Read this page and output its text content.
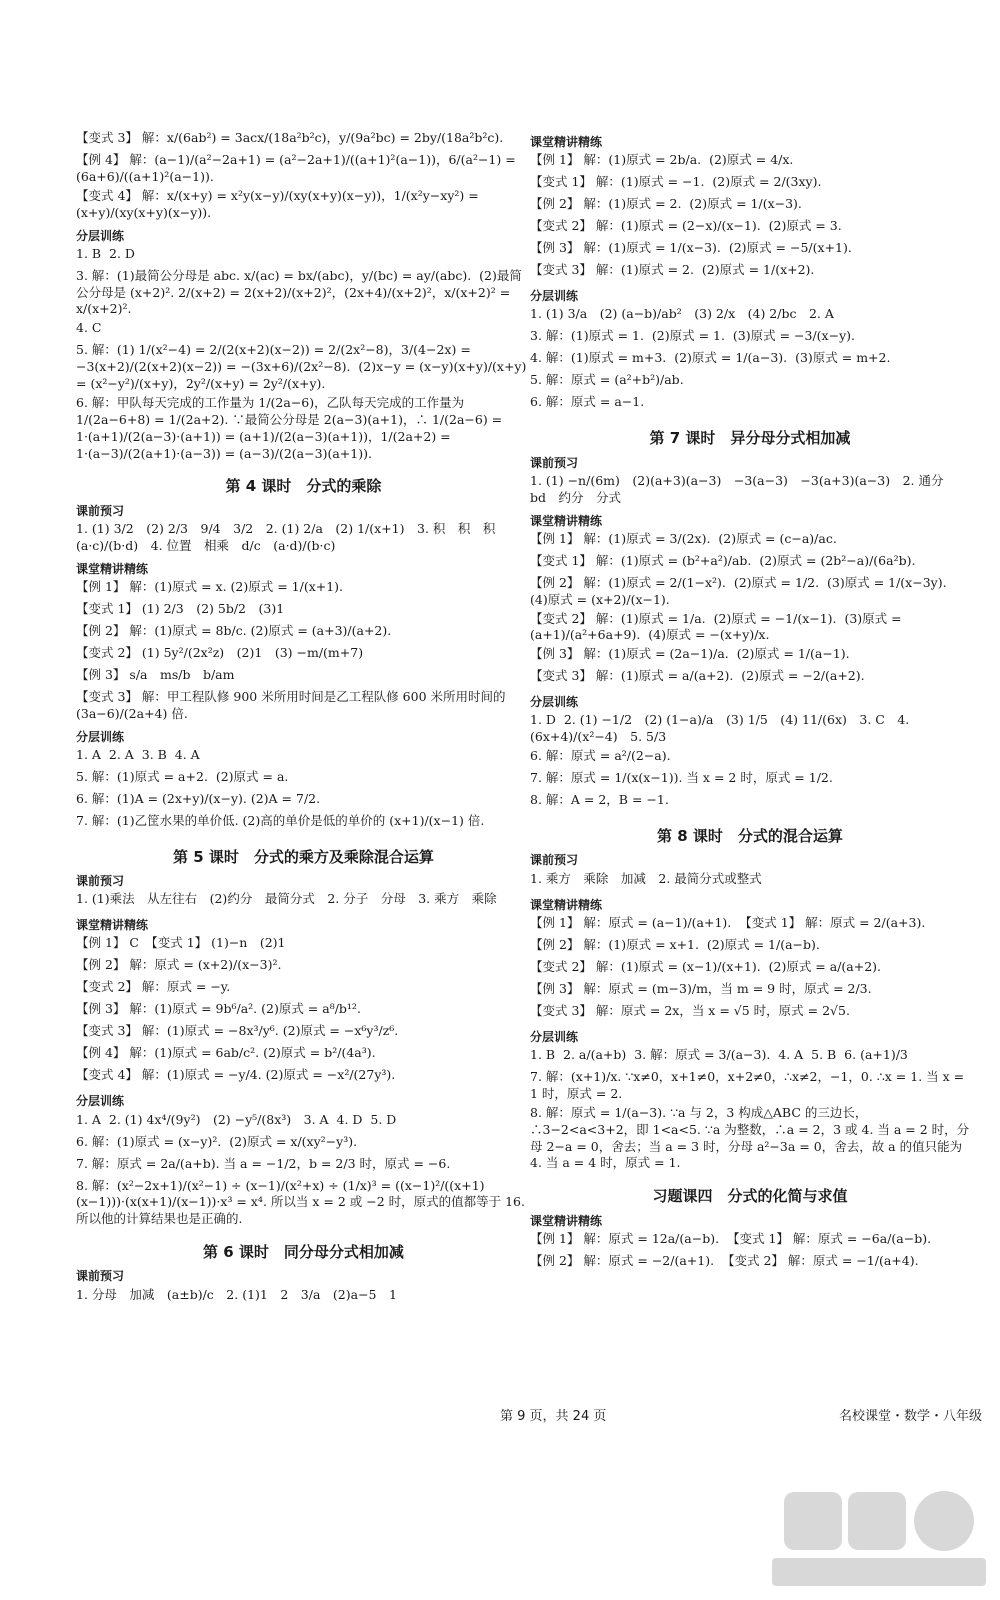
【变式 3】 解：x/(6ab²) = 3acx/(18a²b²c)，y/(9a²bc) = 2by/(18a²b²c).
【例 4】 解：(a−1)/(a²−2a+1) = (a²−2a+1)/((a+1)²(a−1))，6/(a²−1) = (6a+6)/((a+1)²(a−1)).
【变式 4】 解：x/(x+y) = x²y(x−y)/(xy(x+y)(x−y))，1/(x²y−xy²) = (x+y)/(xy(x+y)(x−y)).
分层训练
1. B  2. D
3. 解：(1)最简公分母是 abc. x/(ac) = bx/(abc)，y/(bc) = ay/(abc).  (2)最简公分母是 (x+2)². 2/(x+2) = 2(x+2)/(x+2)²，(2x+4)/(x+2)²，x/(x+2)² = x/(x+2)².
4. C
5. 解：(1) 1/(x²−4) = 2/(2(x+2)(x−2)) = 2/(2x²−8)，3/(4−2x) = −3(x+2)/(2(x+2)(x−2)) = −(3x+6)/(2x²−8).  (2)x−y = (x−y)(x+y)/(x+y) = (x²−y²)/(x+y)，2y²/(x+y) = 2y²/(x+y).
6. 解：甲队每天完成的工作量为 1/(2a−6)，乙队每天完成的工作量为 1/(2a−6+8) = 1/(2a+2). ∵最简公分母是 2(a−3)(a+1)，∴ 1/(2a−6) = 1·(a+1)/(2(a−3)·(a+1)) = (a+1)/(2(a−3)(a+1))，1/(2a+2) = 1·(a−3)/(2(a+1)·(a−3)) = (a−3)/(2(a−3)(a+1)).
第 4 课时　分式的乘除
课前预习
1. (1) 3/2　(2) 2/3　9/4　3/2　2. (1) 2/a　(2) 1/(x+1)　3. 积　积　积　(a·c)/(b·d)　4. 位置　相乘　d/c　(a·d)/(b·c)
课堂精讲精练
【例 1】 解：(1)原式 = x. (2)原式 = 1/(x+1).
【变式 1】 (1) 2/3　(2) 5b/2　(3)1
【例 2】 解：(1)原式 = 8b/c. (2)原式 = (a+3)/(a+2).
【变式 2】 (1) 5y²/(2x²z)　(2)1　(3) −m/(m+7)
【例 3】 s/a　ms/b　b/am
【变式 3】 解：甲工程队修 900 米所用时间是乙工程队修 600 米所用时间的 (3a−6)/(2a+4) 倍.
分层训练
1. A  2. A  3. B  4. A
5. 解：(1)原式 = a+2.  (2)原式 = a.
6. 解：(1)A = (2x+y)/(x−y). (2)A = 7/2.
7. 解：(1)乙筐水果的单价低. (2)高的单价是低的单价的 (x+1)/(x−1) 倍.
第 5 课时　分式的乘方及乘除混合运算
课前预习
1. (1)乘法　从左往右　(2)约分　最简分式　2. 分子　分母　3. 乘方　乘除
课堂精讲精练
【例 1】 C　【变式 1】 (1)−n　(2)1
【例 2】 解：原式 = (x+2)/(x−3)².
【变式 2】 解：原式 = −y.
【例 3】 解：(1)原式 = 9b⁶/a². (2)原式 = a⁸/b¹².
【变式 3】 解：(1)原式 = −8x³/y⁶. (2)原式 = −x⁶y³/z⁶.
【例 4】 解：(1)原式 = 6ab/c². (2)原式 = b²/(4a³).
【变式 4】 解：(1)原式 = −y/4. (2)原式 = −x²/(27y³).
分层训练
1. A  2. (1) 4x⁴/(9y²)　(2) −y⁵/(8x³)　3. A  4. D  5. D
6. 解：(1)原式 = (x−y)².  (2)原式 = x/(xy²−y³).
7. 解：原式 = 2a/(a+b). 当 a = −1/2，b = 2/3 时，原式 = −6.
8. 解：(x²−2x+1)/(x²−1) ÷ (x−1)/(x²+x) ÷ (1/x)³ = ((x−1)²/((x+1)(x−1)))·(x(x+1)/(x−1))·x³ = x⁴. 所以当 x = 2 或 −2 时，原式的值都等于 16. 所以他的计算结果也是正确的.
第 6 课时　同分母分式相加减
课前预习
1. 分母　加减　(a±b)/c　2. (1)1　2　3/a　(2)a−5　1
课堂精讲精练
【例 1】 解：(1)原式 = 2b/a.  (2)原式 = 4/x.
【变式 1】 解：(1)原式 = −1.  (2)原式 = 2/(3xy).
【例 2】 解：(1)原式 = 2.  (2)原式 = 1/(x−3).
【变式 2】 解：(1)原式 = (2−x)/(x−1).  (2)原式 = 3.
【例 3】 解：(1)原式 = 1/(x−3).  (2)原式 = −5/(x+1).
【变式 3】 解：(1)原式 = 2.  (2)原式 = 1/(x+2).
分层训练
1. (1) 3/a　(2) (a−b)/ab²　(3) 2/x　(4) 2/bc　2. A
3. 解：(1)原式 = 1.  (2)原式 = 1.  (3)原式 = −3/(x−y).
4. 解：(1)原式 = m+3.  (2)原式 = 1/(a−3).  (3)原式 = m+2.
5. 解：原式 = (a²+b²)/ab.
6. 解：原式 = a−1.
第 7 课时　异分母分式相加减
课前预习
1. (1) −n/(6m)　(2)(a+3)(a−3)　−3(a−3)　−3(a+3)(a−3)　2. 通分　bd　约分　分式
课堂精讲精练
【例 1】 解：(1)原式 = 3/(2x).  (2)原式 = (c−a)/ac.
【变式 1】 解：(1)原式 = (b²+a²)/ab.  (2)原式 = (2b²−a)/(6a²b).
【例 2】 解：(1)原式 = 2/(1−x²).  (2)原式 = 1/2.  (3)原式 = 1/(x−3y).  (4)原式 = (x+2)/(x−1).
【变式 2】 解：(1)原式 = 1/a.  (2)原式 = −1/(x−1).  (3)原式 = (a+1)/(a²+6a+9).  (4)原式 = −(x+y)/x.
【例 3】 解：(1)原式 = (2a−1)/a.  (2)原式 = 1/(a−1).
【变式 3】 解：(1)原式 = a/(a+2).  (2)原式 = −2/(a+2).
分层训练
1. D  2. (1) −1/2　(2) (1−a)/a　(3) 1/5　(4) 11/(6x)　3. C　4. (6x+4)/(x²−4)　5. 5/3
6. 解：原式 = a²/(2−a).
7. 解：原式 = 1/(x(x−1)). 当 x = 2 时，原式 = 1/2.
8. 解：A = 2，B = −1.
第 8 课时　分式的混合运算
课前预习
1. 乘方　乘除　加减　2. 最简分式或整式
课堂精讲精练
【例 1】 解：原式 = (a−1)/(a+1).  【变式 1】 解：原式 = 2/(a+3).
【例 2】 解：(1)原式 = x+1.  (2)原式 = 1/(a−b).
【变式 2】 解：(1)原式 = (x−1)/(x+1).  (2)原式 = a/(a+2).
【例 3】 解：原式 = (m−3)/m，当 m = 9 时，原式 = 2/3.
【变式 3】 解：原式 = 2x，当 x = √5 时，原式 = 2√5.
分层训练
1. B  2. a/(a+b)  3. 解：原式 = 3/(a−3).  4. A  5. B  6. (a+1)/3
7. 解：(x+1)/x. ∵x≠0，x+1≠0，x+2≠0，∴x≠2，−1，0. ∴x = 1. 当 x = 1 时，原式 = 2.
8. 解：原式 = 1/(a−3). ∵a 与 2，3 构成△ABC 的三边长，∴3−2<a<3+2，即 1<a<5. ∵a 为整数，∴a = 2，3 或 4. 当 a = 2 时，分母 2−a = 0，舍去；当 a = 3 时，分母 a²−3a = 0，舍去，故 a 的值只能为 4. 当 a = 4 时，原式 = 1.
习题课四　分式的化简与求值
课堂精讲精练
【例 1】 解：原式 = 12a/(a−b).  【变式 1】 解：原式 = −6a/(a−b).
【例 2】 解：原式 = −2/(a+1).  【变式 2】 解：原式 = −1/(a+4).
第 9 页，共 24 页	名校课堂・数学・八年级
